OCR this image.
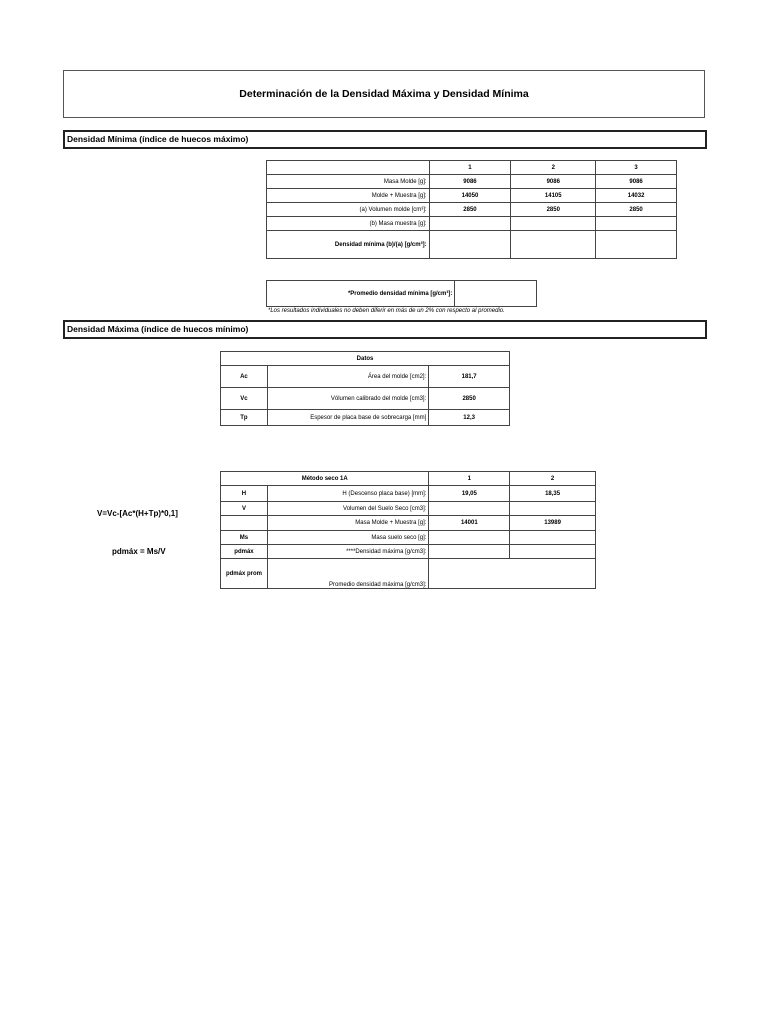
Determinación de la Densidad Máxima y Densidad Mínima
Densidad Mínima (índice de huecos máximo)
	1	2	3
Masa Molde [g]:	9086	9086	9086
Molde + Muestra [g]:	14050	14105	14032
(a) Volumen molde [cm³]:	2850	2850	2850
(b) Masa muestra [g]:			
Densidad mínima (b)/(a) [g/cm³]:			
*Promedio densidad mínima [g/cm³]:	
*Los resultados individuales no deben diferir en más de un 2% con respecto al promedio.
Densidad Máxima (índice de huecos mínimo)
Datos		
Ac	Área del molde [cm2]:	181,7
Vc	Vólumen calibrado del molde [cm3]:	2850
Tp	Espesor de placa base de sobrecarga [mm]	12,3
V=Vc-[Ac*(H+Tp)*0,1]
pdmáx = Ms/V
Método seco 1A		1	2
H	H (Descenso placa base) [mm]:	19,05	18,35
V	Volumen del Suelo Seco [cm3]:		
	Masa Molde + Muestra [g]:	14001	13989
Ms	Masa suelo seco [g]:		
pdmáx	****Densidad máxima [g/cm3]:		
pdmáx prom	Promedio densidad máxima [g/cm3]:		
